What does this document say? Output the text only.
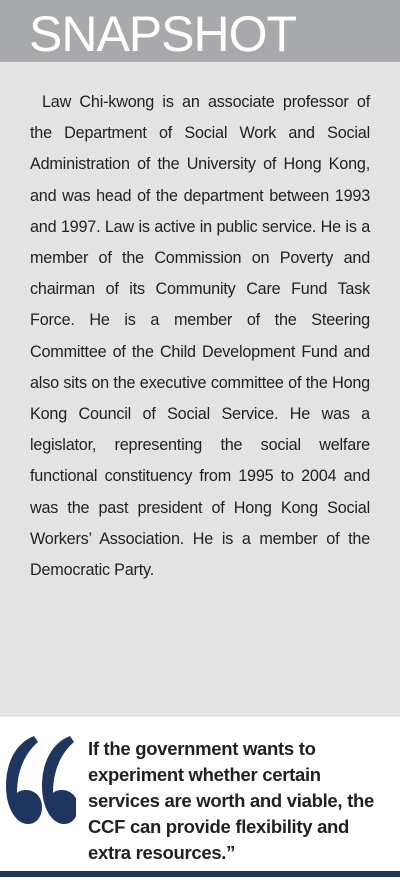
SNAPSHOT

Law Chi-kwong is an associate professor of the Department of Social Work and Social Administration of the University of Hong Kong, and was head of the department between 1993 and 1997. Law is active in public service. He is a member of the Commission on Poverty and chairman of its Community Care Fund Task Force. He is a member of the Steering Committee of the Child Development Fund and also sits on the executive committee of the Hong Kong Council of Social Service. He was a legislator, representing the social welfare functional constituency from 1995 to 2004 and was the past president of Hong Kong Social Workers’ Association. He is a member of the Democratic Party.

If the government wants to experiment whether certain services are worth and viable, the CCF can provide flexibility and extra resources.”
